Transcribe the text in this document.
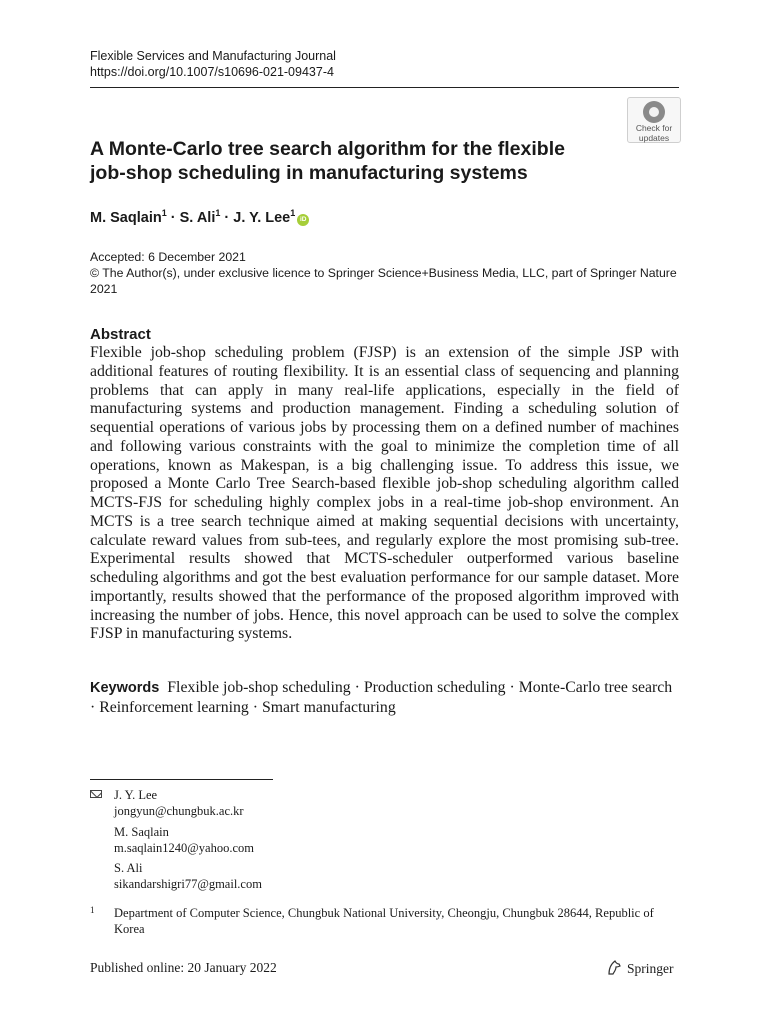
Flexible Services and Manufacturing Journal
https://doi.org/10.1007/s10696-021-09437-4
Check for
updates
A Monte-Carlo tree search algorithm for the flexible
job-shop scheduling in manufacturing systems
M. Saqlain$^1$ · S. Ali$^1$ · J. Y. Lee$^1$iD
Accepted: 6 December 2021
© The Author(s), under exclusive licence to Springer Science+Business Media, LLC, part of Springer Nature 2021
Abstract

Flexible job-shop scheduling problem (FJSP) is an extension of the simple JSP with additional features of routing flexibility. It is an essential class of sequencing and planning problems that can apply in many real-life applications, especially in the field of manufacturing systems and production management. Finding a scheduling solution of sequential operations of various jobs by processing them on a defined number of machines and following various constraints with the goal to minimize the completion time of all operations, known as Makespan, is a big challenging issue. To address this issue, we proposed a Monte Carlo Tree Search-based flexible job-shop scheduling algorithm called MCTS-FJS for scheduling highly complex jobs in a real-time job-shop environment. An MCTS is a tree search technique aimed at making sequential decisions with uncertainty, calculate reward values from sub-tees, and regularly explore the most promising sub-tree. Experimental results showed that MCTS-scheduler outperformed various baseline scheduling algorithms and got the best evaluation performance for our sample dataset. More importantly, results showed that the performance of the proposed algorithm improved with increasing the number of jobs. Hence, this novel approach can be used to solve the complex FJSP in manufacturing systems.

Keywords Flexible job-shop scheduling · Production scheduling · Monte-Carlo tree search · Reinforcement learning · Smart manufacturing
J. Y. Lee
jongyun@chungbuk.ac.kr
M. Saqlain
m.saqlain1240@yahoo.com
S. Ali
sikandarshigri77@gmail.com
1 Department of Computer Science, Chungbuk National University, Cheongju, Chungbuk 28644, Republic of Korea
Published online: 20 January 2022	Springer
